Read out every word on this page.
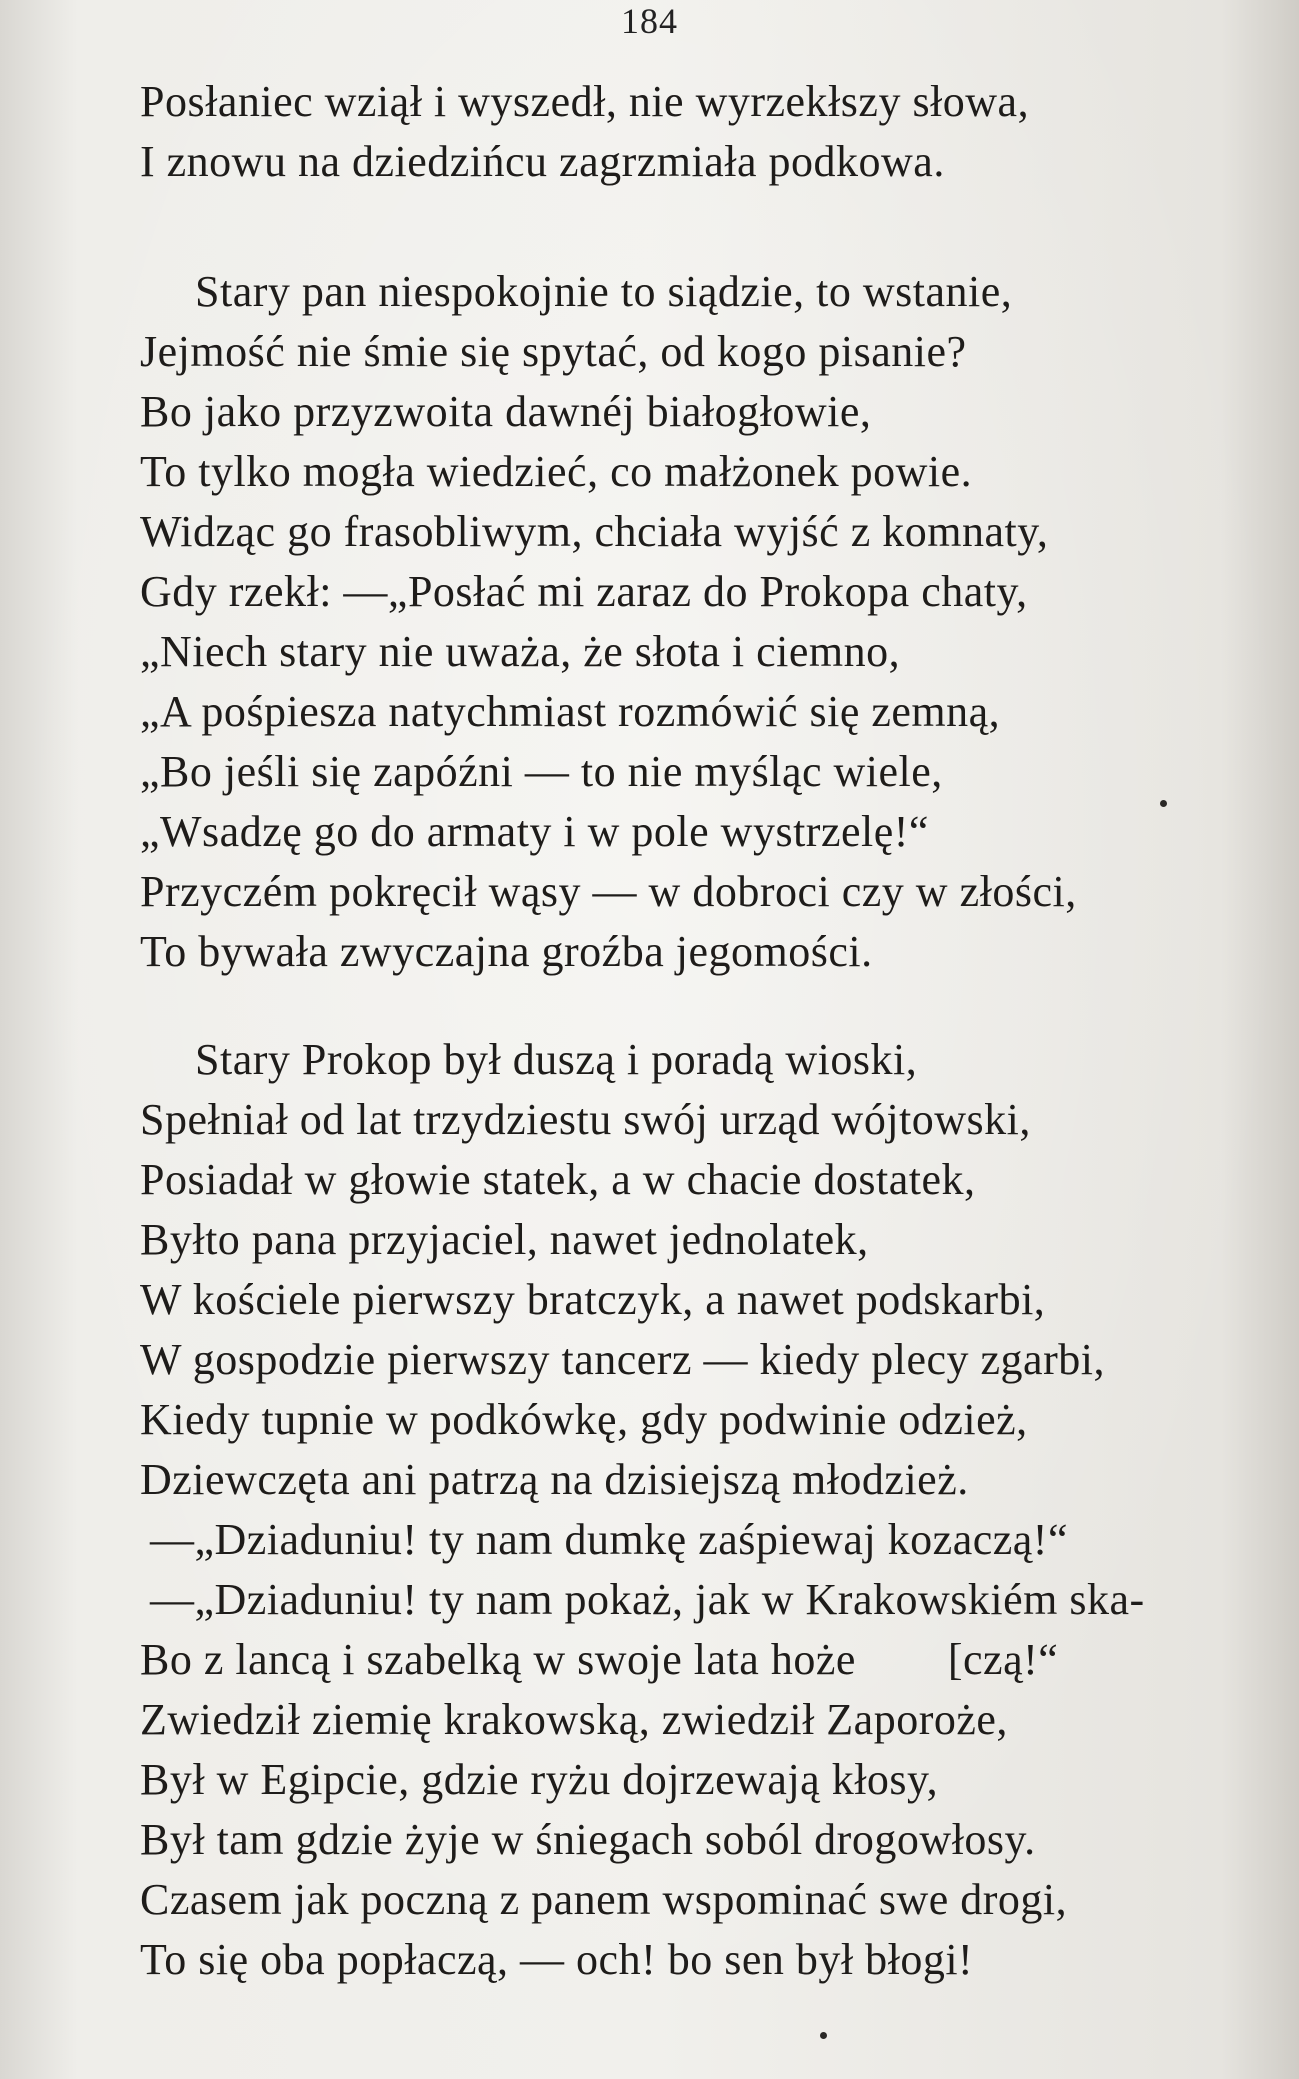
184
Posłaniec wziął i wyszedł, nie wyrzekłszy słowa,
I znowu na dziedzińcu zagrzmiała podkowa.
Stary pan niespokojnie to siądzie, to wstanie,
Jejmość nie śmie się spytać, od kogo pisanie?
Bo jako przyzwoita dawnéj białogłowie,
To tylko mogła wiedzieć, co małżonek powie.
Widząc go frasobliwym, chciała wyjść z komnaty,
Gdy rzekł: —„Posłać mi zaraz do Prokopa chaty,
„Niech stary nie uważa, że słota i ciemno,
„A pośpiesza natychmiast rozmówić się zemną,
„Bo jeśli się zapóźni — to nie myśląc wiele,
„Wsadzę go do armaty i w pole wystrzelę!“
Przyczém pokręcił wąsy — w dobroci czy w złości,
To bywała zwyczajna groźba jegomości.
Stary Prokop był duszą i poradą wioski,
Spełniał od lat trzydziestu swój urząd wójtowski,
Posiadał w głowie statek, a w chacie dostatek,
Byłto pana przyjaciel, nawet jednolatek,
W kościele pierwszy bratczyk, a nawet podskarbi,
W gospodzie pierwszy tancerz — kiedy plecy zgarbi,
Kiedy tupnie w podkówkę, gdy podwinie odzież,
Dziewczęta ani patrzą na dzisiejszą młodzież.
—„Dziaduniu! ty nam dumkę zaśpiewaj kozaczą!“
—„Dziaduniu! ty nam pokaż, jak w Krakowskiém ska-
Bo z lancą i szabelką w swoje lata hoże        [czą!“
Zwiedził ziemię krakowską, zwiedził Zaporoże,
Był w Egipcie, gdzie ryżu dojrzewają kłosy,
Był tam gdzie żyje w śniegach soból drogowłosy.
Czasem jak poczną z panem wspominać swe drogi,
To się oba popłaczą, — och! bo sen był błogi!
